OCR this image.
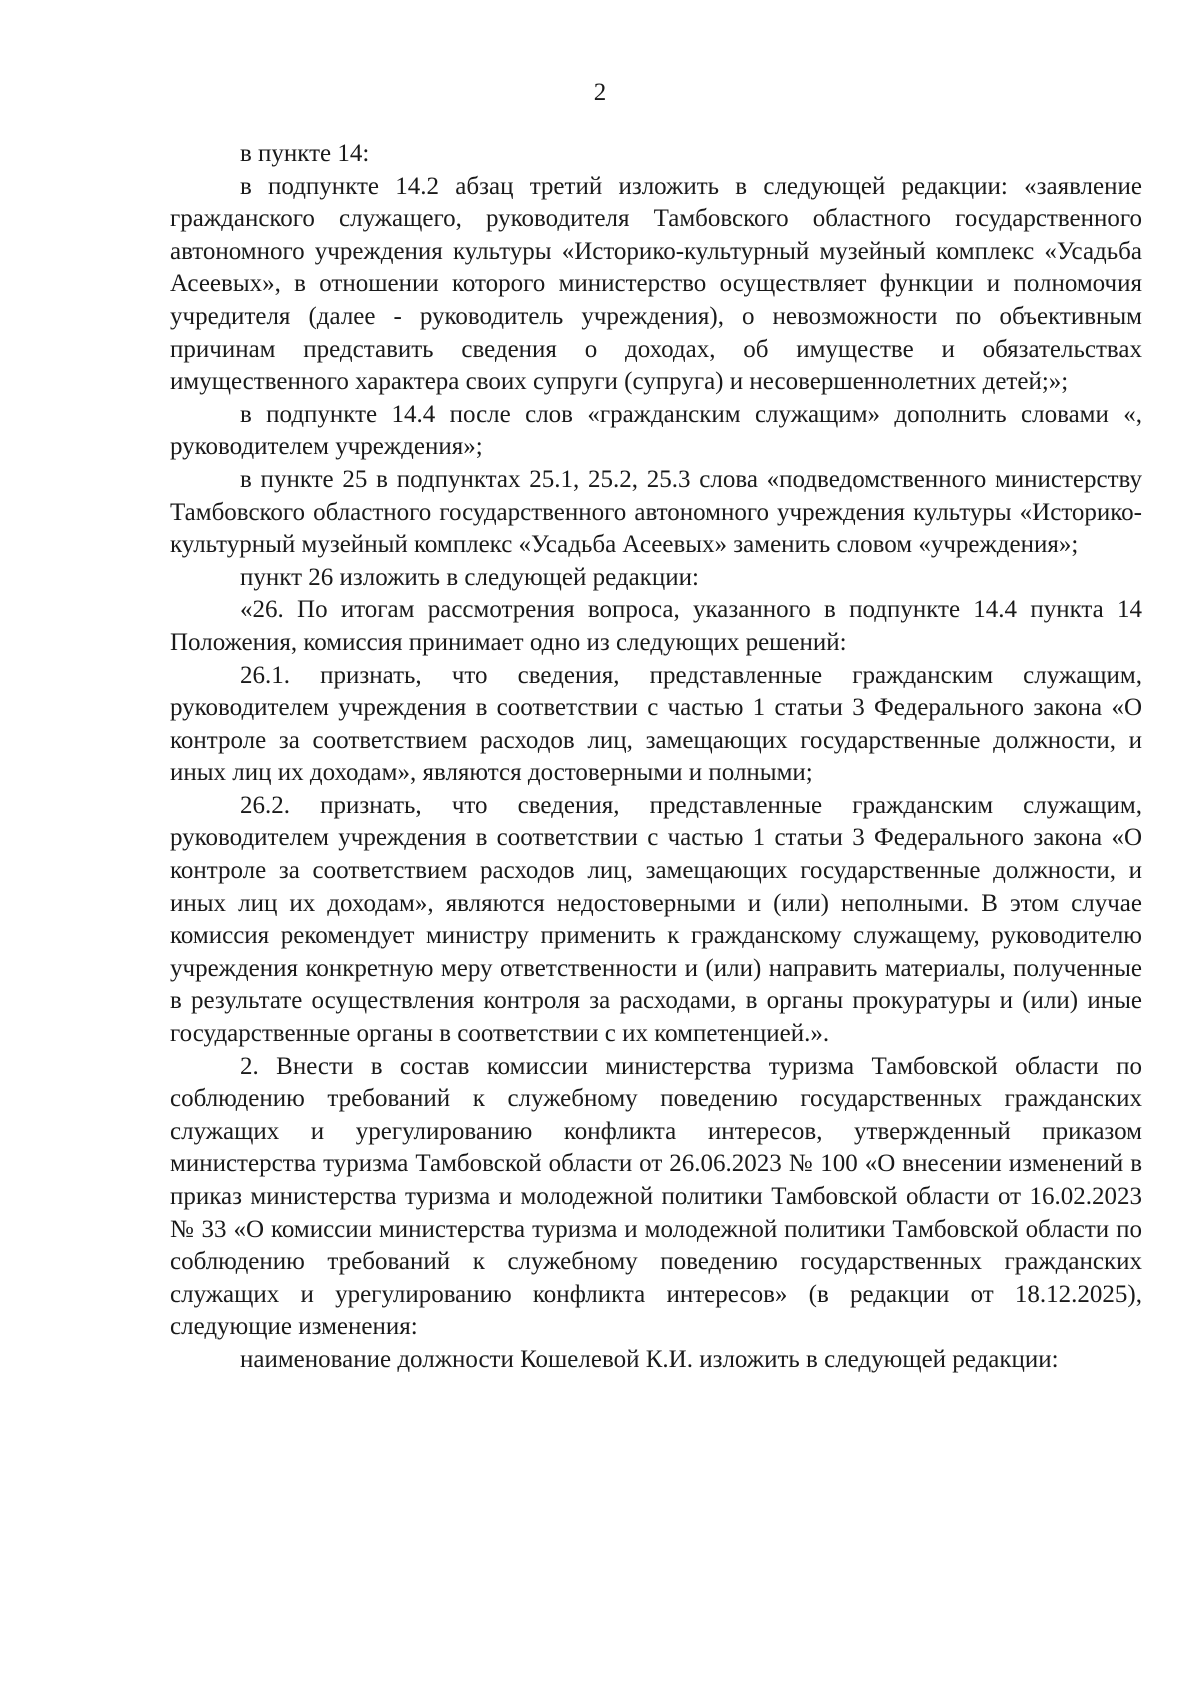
2

в пункте 14:

в подпункте 14.2 абзац третий изложить в следующей редакции: «заявление гражданского служащего, руководителя Тамбовского областного государственного автономного учреждения культуры «Историко-культурный музейный комплекс «Усадьба Асеевых», в отношении которого министерство осуществляет функции и полномочия учредителя (далее - руководитель учреждения), о невозможности по объективным причинам представить сведения о доходах, об имуществе и обязательствах имущественного характера своих супруги (супруга) и несовершеннолетних детей;»;

в подпункте 14.4 после слов «гражданским служащим» дополнить словами «, руководителем учреждения»;

в пункте 25 в подпунктах 25.1, 25.2, 25.3 слова «подведомственного министерству Тамбовского областного государственного автономного учреждения культуры «Историко-культурный музейный комплекс «Усадьба Асеевых» заменить словом «учреждения»;

пункт 26 изложить в следующей редакции:

«26. По итогам рассмотрения вопроса, указанного в подпункте 14.4 пункта 14 Положения, комиссия принимает одно из следующих решений:

26.1. признать, что сведения, представленные гражданским служащим, руководителем учреждения в соответствии с частью 1 статьи 3 Федерального закона «О контроле за соответствием расходов лиц, замещающих государственные должности, и иных лиц их доходам», являются достоверными и полными;

26.2. признать, что сведения, представленные гражданским служащим, руководителем учреждения в соответствии с частью 1 статьи 3 Федерального закона «О контроле за соответствием расходов лиц, замещающих государственные должности, и иных лиц их доходам», являются недостоверными и (или) неполными. В этом случае комиссия рекомендует министру применить к гражданскому служащему, руководителю учреждения конкретную меру ответственности и (или) направить материалы, полученные в результате осуществления контроля за расходами, в органы прокуратуры и (или) иные государственные органы в соответствии с их компетенцией.».

2. Внести в состав комиссии министерства туризма Тамбовской области по соблюдению требований к служебному поведению государственных гражданских служащих и урегулированию конфликта интересов, утвержденный приказом министерства туризма Тамбовской области от 26.06.2023 № 100 «О внесении изменений в приказ министерства туризма и молодежной политики Тамбовской области от 16.02.2023 № 33 «О комиссии министерства туризма и молодежной политики Тамбовской области по соблюдению требований к служебному поведению государственных гражданских служащих и урегулированию конфликта интересов» (в редакции от 18.12.2025), следующие изменения:

наименование должности Кошелевой К.И. изложить в следующей редакции:
